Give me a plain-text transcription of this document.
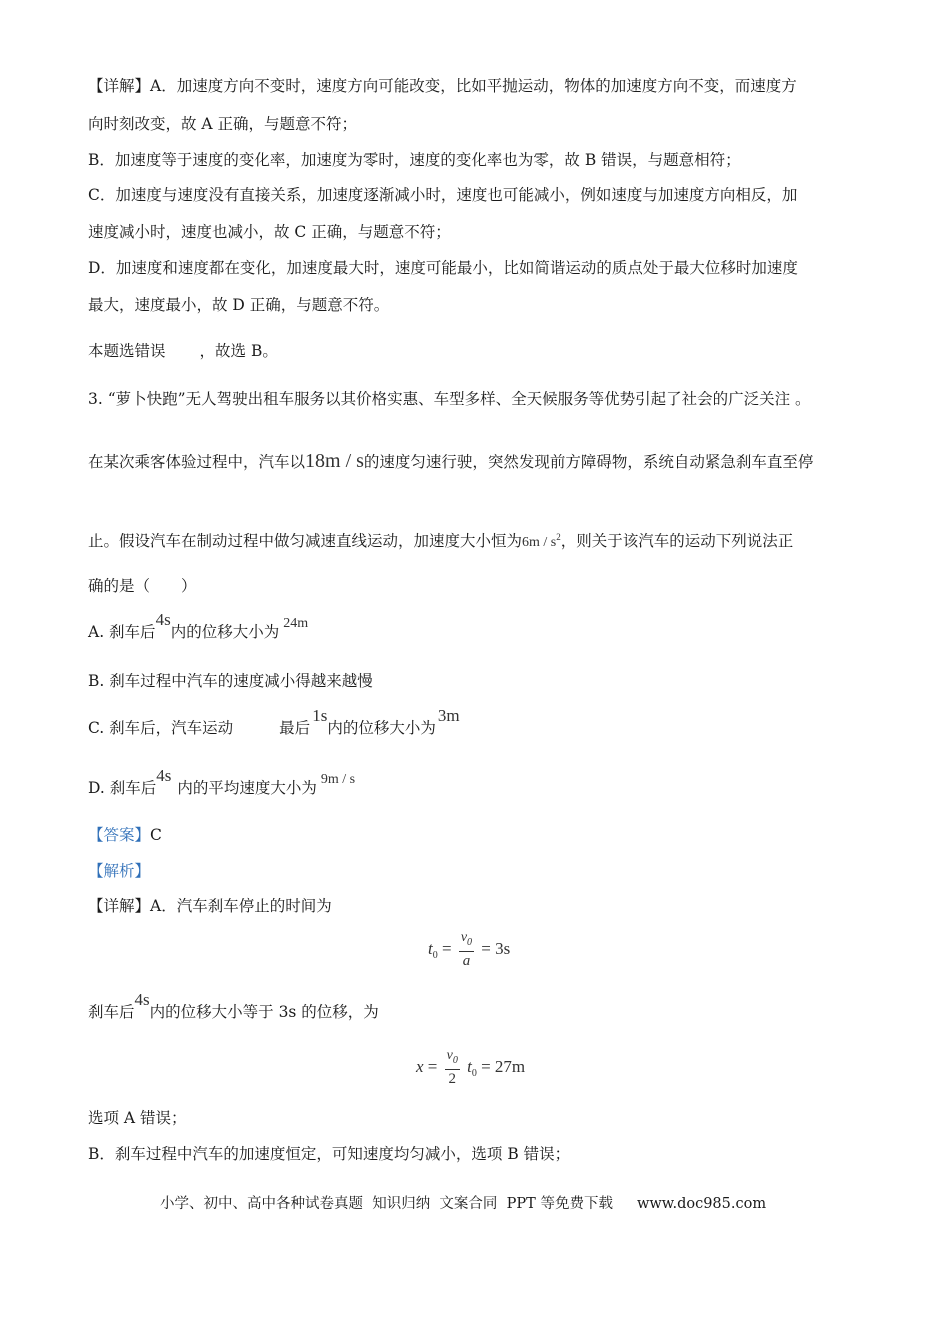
【详解】A．加速度方向不变时，速度方向可能改变，比如平抛运动，物体的加速度方向不变，而速度方
向时刻改变，故 A 正确，与题意不符；
B．加速度等于速度的变化率，加速度为零时，速度的变化率也为零，故 B 错误，与题意相符；
C．加速度与速度没有直接关系，加速度逐渐减小时，速度也可能减小，例如速度与加速度方向相反，加
速度减小时，速度也减小，故 C 正确，与题意不符；
D．加速度和速度都在变化，加速度最大时，速度可能最小，比如简谐运动的质点处于最大位移时加速度
最大，速度最小，故 D 正确，与题意不符。
本题选错误 ，故选 B。
3. “萝卜快跑”无人驾驶出租车服务以其价格实惠、车型多样、全天候服务等优势引起了社会的广泛关注 。
在某次乘客体验过程中，汽车以18m / s的速度匀速行驶，突然发现前方障碍物，系统自动紧急刹车直至停
止。假设汽车在制动过程中做匀减速直线运动，加速度大小恒为$6m / s^2$，则关于该汽车的运动下列说法正
确的是（　　）
A. 刹车后4s内的位移大小为 24m
B. 刹车过程中汽车的速度减小得越来越慢
C. 刹车后，汽车运动	最后1s内的位移大小为3m
D. 刹车后4s内的平均速度大小为 9m / s
【答案】C
【解析】
【详解】A．汽车刹车停止的时间为
$t_0 = \frac{v_0}{a} = 3s$
刹车后4s内的位移大小等于 3s 的位移，为
$x = \frac{v_0}{2} t_0 = 27m$
选项 A 错误；
B．刹车过程中汽车的加速度恒定，可知速度均匀减小，选项 B 错误；
小学、初中、高中各种试卷真题  知识归纳  文案合同  PPT 等免费下载 www.doc985.com
